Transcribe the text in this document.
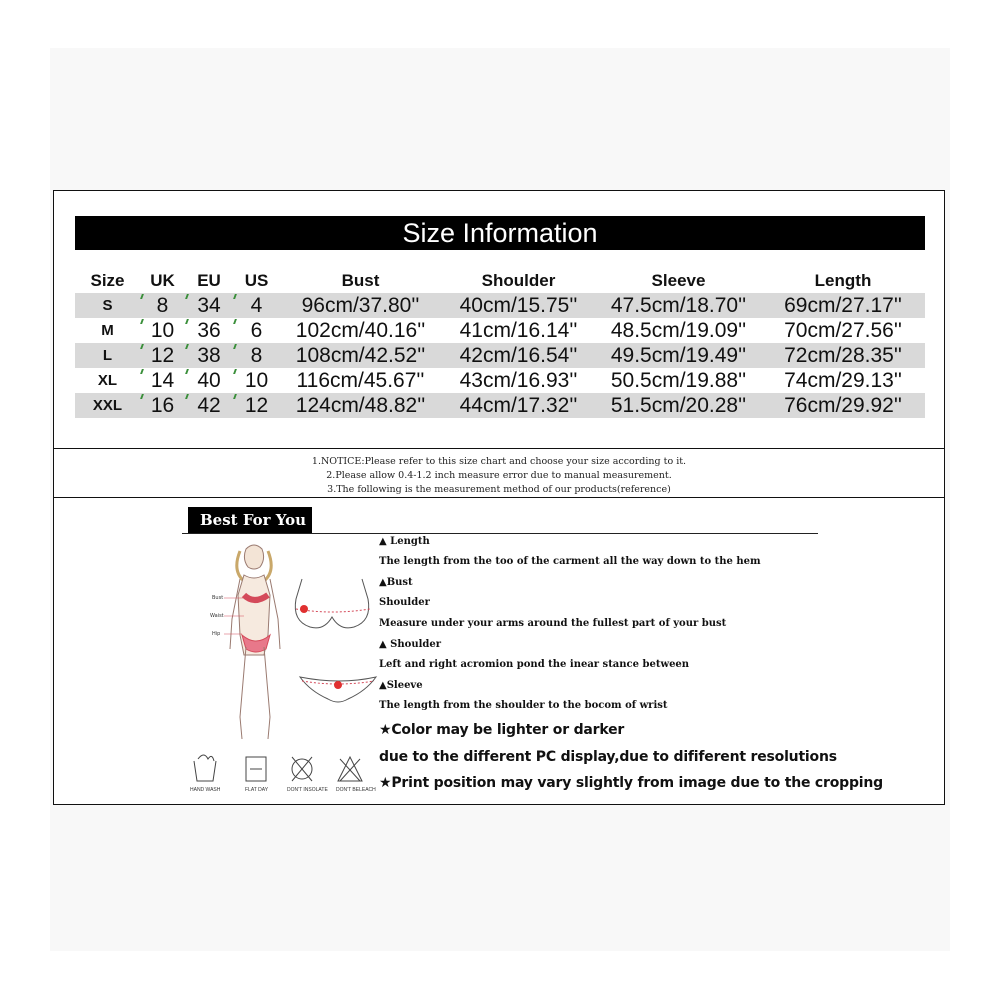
Size Information
Size	UK	EU	US	Bust	Shoulder	Sleeve	Length
S	8	34	4	96cm/37.80''	40cm/15.75''	47.5cm/18.70''	69cm/27.17''
M	10	36	6	102cm/40.16''	41cm/16.14''	48.5cm/19.09''	70cm/27.56''
L	12	38	8	108cm/42.52''	42cm/16.54''	49.5cm/19.49''	72cm/28.35''
XL	14	40	10	116cm/45.67''	43cm/16.93''	50.5cm/19.88''	74cm/29.13''
XXL	16	42	12	124cm/48.82''	44cm/17.32''	51.5cm/20.28''	76cm/29.92''
1.NOTICE:Please refer to this size chart and choose your size according to it.
2.Please allow 0.4-1.2 inch measure error due to manual measurement.
3.The following is the measurement method of our products(reference)
Best For You
Bust
Waist
Hip
HAND WASH	FLAT DAY	DON'T INSOLATE DON'T BELEACH
▲ Length
The length from the too of the carment all the way down to the hem
▲Bust
Shoulder
Measure under your arms around the fullest part of your bust
▲ Shoulder
Left and right acromion pond the inear stance between
▲Sleeve
The length from the shoulder to the bocom of wrist
★Color may be lighter or darker
due to the different PC display,due to dififerent resolutions
★Print position may vary slightly from image due to the cropping
